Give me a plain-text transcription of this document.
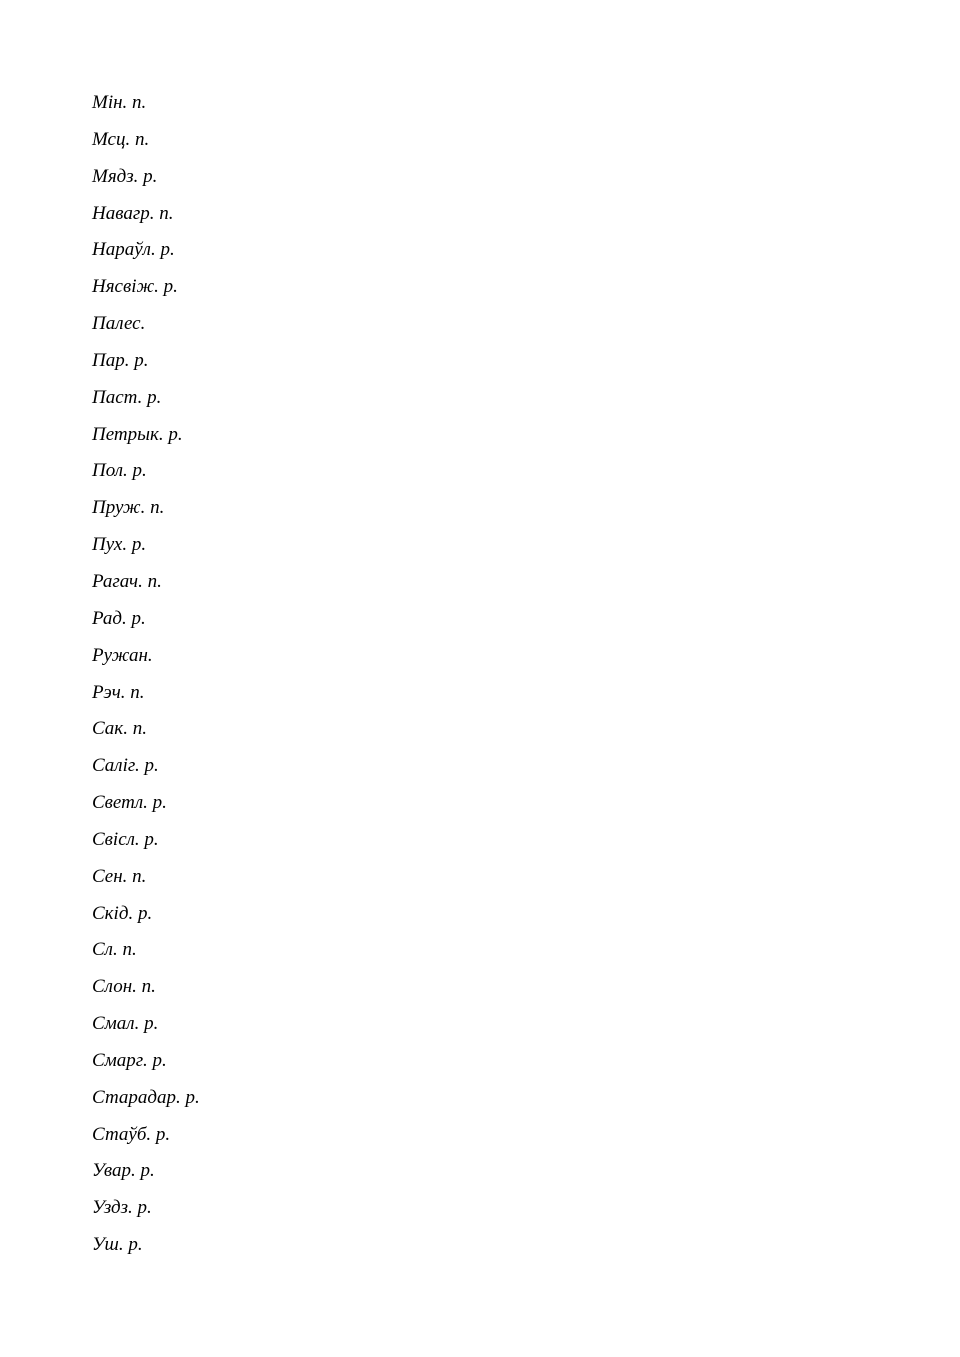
Мін. п.
Мсц. п.
Мядз. р.
Навагр. п.
Нараўл. р.
Нясвіж. р.
Палес.
Пар. р.
Паст. р.
Петрык. р.
Пол. р.
Пруж. п.
Пух. р.
Рагач. п.
Рад. р.
Ружан.
Рэч. п.
Сак. п.
Саліг. р.
Светл. р.
Свісл. р.
Сен. п.
Скід. р.
Сл. п.
Слон. п.
Смал. р.
Смарг. р.
Старадар. р.
Стаўб. р.
Увар. р.
Уздз. р.
Уш. р.
